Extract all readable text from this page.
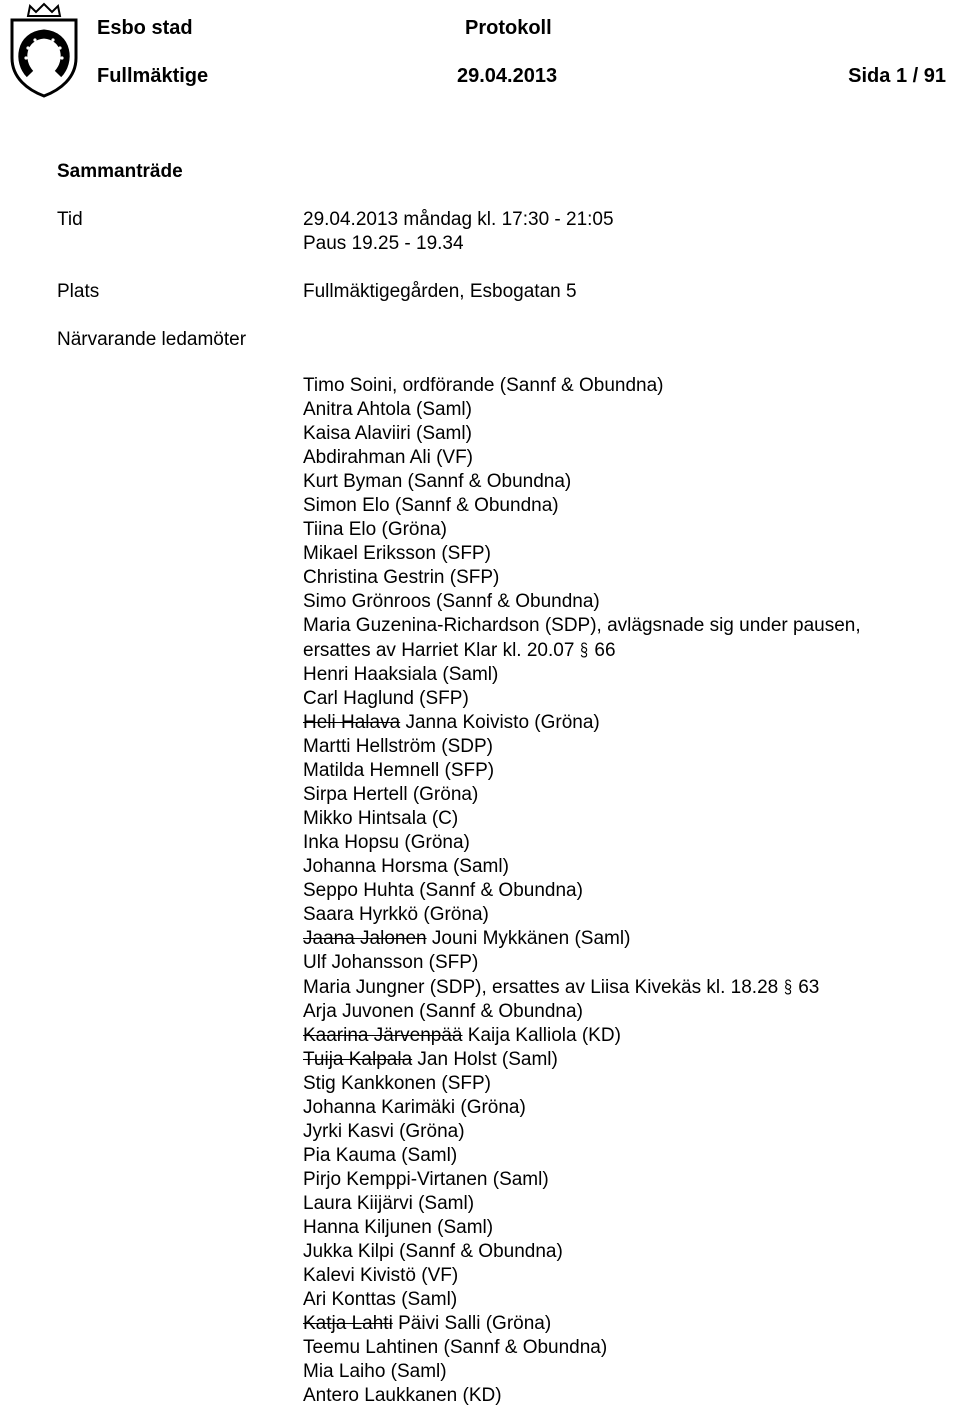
Esbo stad	Protokoll
Fullmäktige	29.04.2013	Sida 1 / 91
Sammanträde
Tid	29.04.2013 måndag kl. 17:30 - 21:05
Paus 19.25 - 19.34
Plats	Fullmäktigegården, Esbogatan 5
Närvarande ledamöter
Timo Soini, ordförande (Sannf & Obundna)
Anitra Ahtola (Saml)
Kaisa Alaviiri (Saml)
Abdirahman Ali (VF)
Kurt Byman (Sannf & Obundna)
Simon Elo (Sannf & Obundna)
Tiina Elo (Gröna)
Mikael Eriksson (SFP)
Christina Gestrin (SFP)
Simo Grönroos (Sannf & Obundna)
Maria Guzenina-Richardson (SDP), avlägsnade sig under pausen,
ersattes av Harriet Klar kl. 20.07 § 66
Henri Haaksiala (Saml)
Carl Haglund (SFP)
Heli Halava Janna Koivisto (Gröna)
Martti Hellström (SDP)
Matilda Hemnell (SFP)
Sirpa Hertell (Gröna)
Mikko Hintsala (C)
Inka Hopsu (Gröna)
Johanna Horsma (Saml)
Seppo Huhta (Sannf & Obundna)
Saara Hyrkkö (Gröna)
Jaana Jalonen Jouni Mykkänen (Saml)
Ulf Johansson (SFP)
Maria Jungner (SDP), ersattes av Liisa Kivekäs kl. 18.28 § 63
Arja Juvonen (Sannf & Obundna)
Kaarina Järvenpää Kaija Kalliola (KD)
Tuija Kalpala Jan Holst (Saml)
Stig Kankkonen (SFP)
Johanna Karimäki (Gröna)
Jyrki Kasvi (Gröna)
Pia Kauma (Saml)
Pirjo Kemppi-Virtanen (Saml)
Laura Kiijärvi (Saml)
Hanna Kiljunen (Saml)
Jukka Kilpi (Sannf & Obundna)
Kalevi Kivistö (VF)
Ari Konttas (Saml)
Katja Lahti Päivi Salli (Gröna)
Teemu Lahtinen (Sannf & Obundna)
Mia Laiho (Saml)
Antero Laukkanen (KD)
